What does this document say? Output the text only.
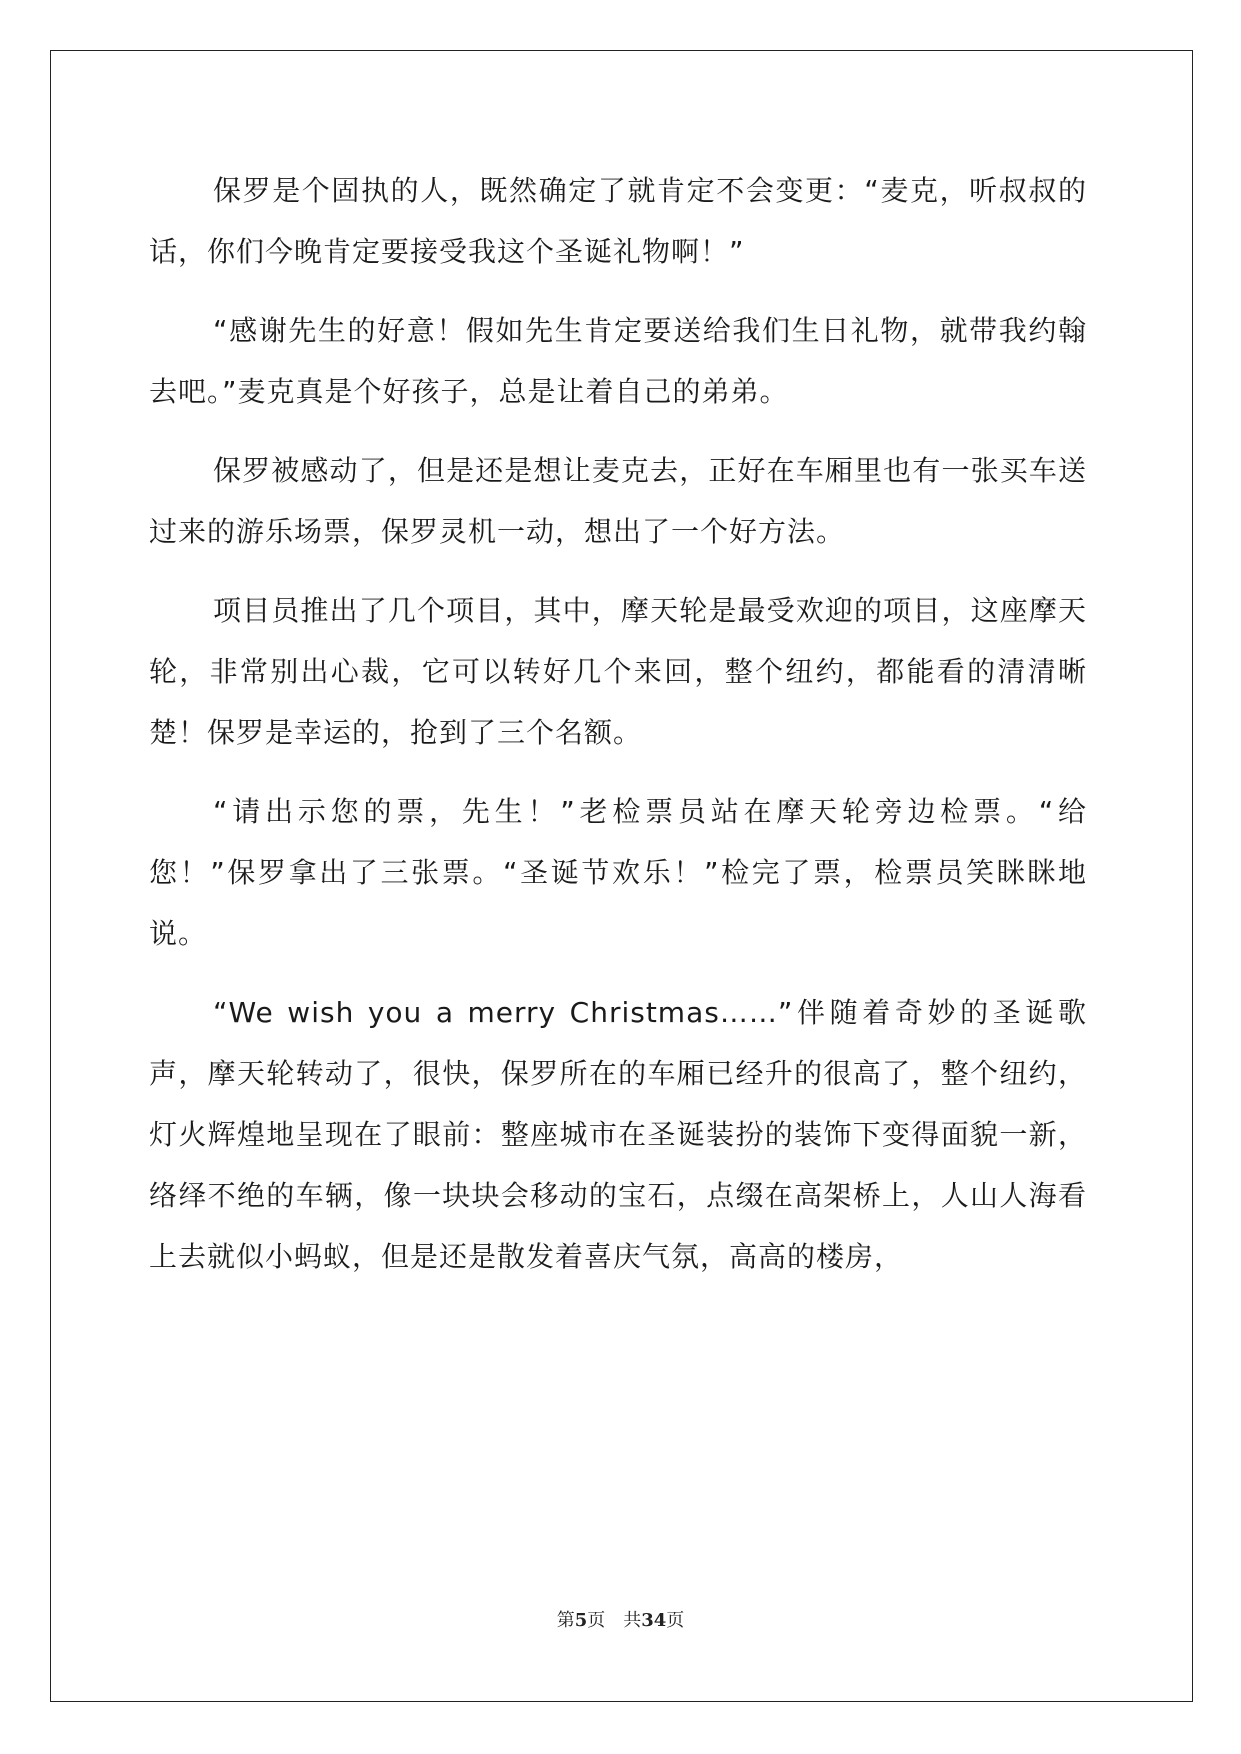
保罗是个固执的人，既然确定了就肯定不会变更：“麦克，听叔叔的话，你们今晚肯定要接受我这个圣诞礼物啊！”

“感谢先生的好意！假如先生肯定要送给我们生日礼物，就带我约翰去吧。”麦克真是个好孩子，总是让着自己的弟弟。

保罗被感动了，但是还是想让麦克去，正好在车厢里也有一张买车送过来的游乐场票，保罗灵机一动，想出了一个好方法。

项目员推出了几个项目，其中，摩天轮是最受欢迎的项目，这座摩天轮，非常别出心裁，它可以转好几个来回，整个纽约，都能看的清清晰楚！保罗是幸运的，抢到了三个名额。

“请出示您的票，先生！”老检票员站在摩天轮旁边检票。“给您！”保罗拿出了三张票。“圣诞节欢乐！”检完了票，检票员笑眯眯地说。

“We wish you a merry Christmas……”伴随着奇妙的圣诞歌声，摩天轮转动了，很快，保罗所在的车厢已经升的很高了，整个纽约，灯火辉煌地呈现在了眼前：整座城市在圣诞装扮的装饰下变得面貌一新，络绎不绝的车辆，像一块块会移动的宝石，点缀在高架桥上，人山人海看上去就似小蚂蚁，但是还是散发着喜庆气氛，高高的楼房，

第5页 共34页
